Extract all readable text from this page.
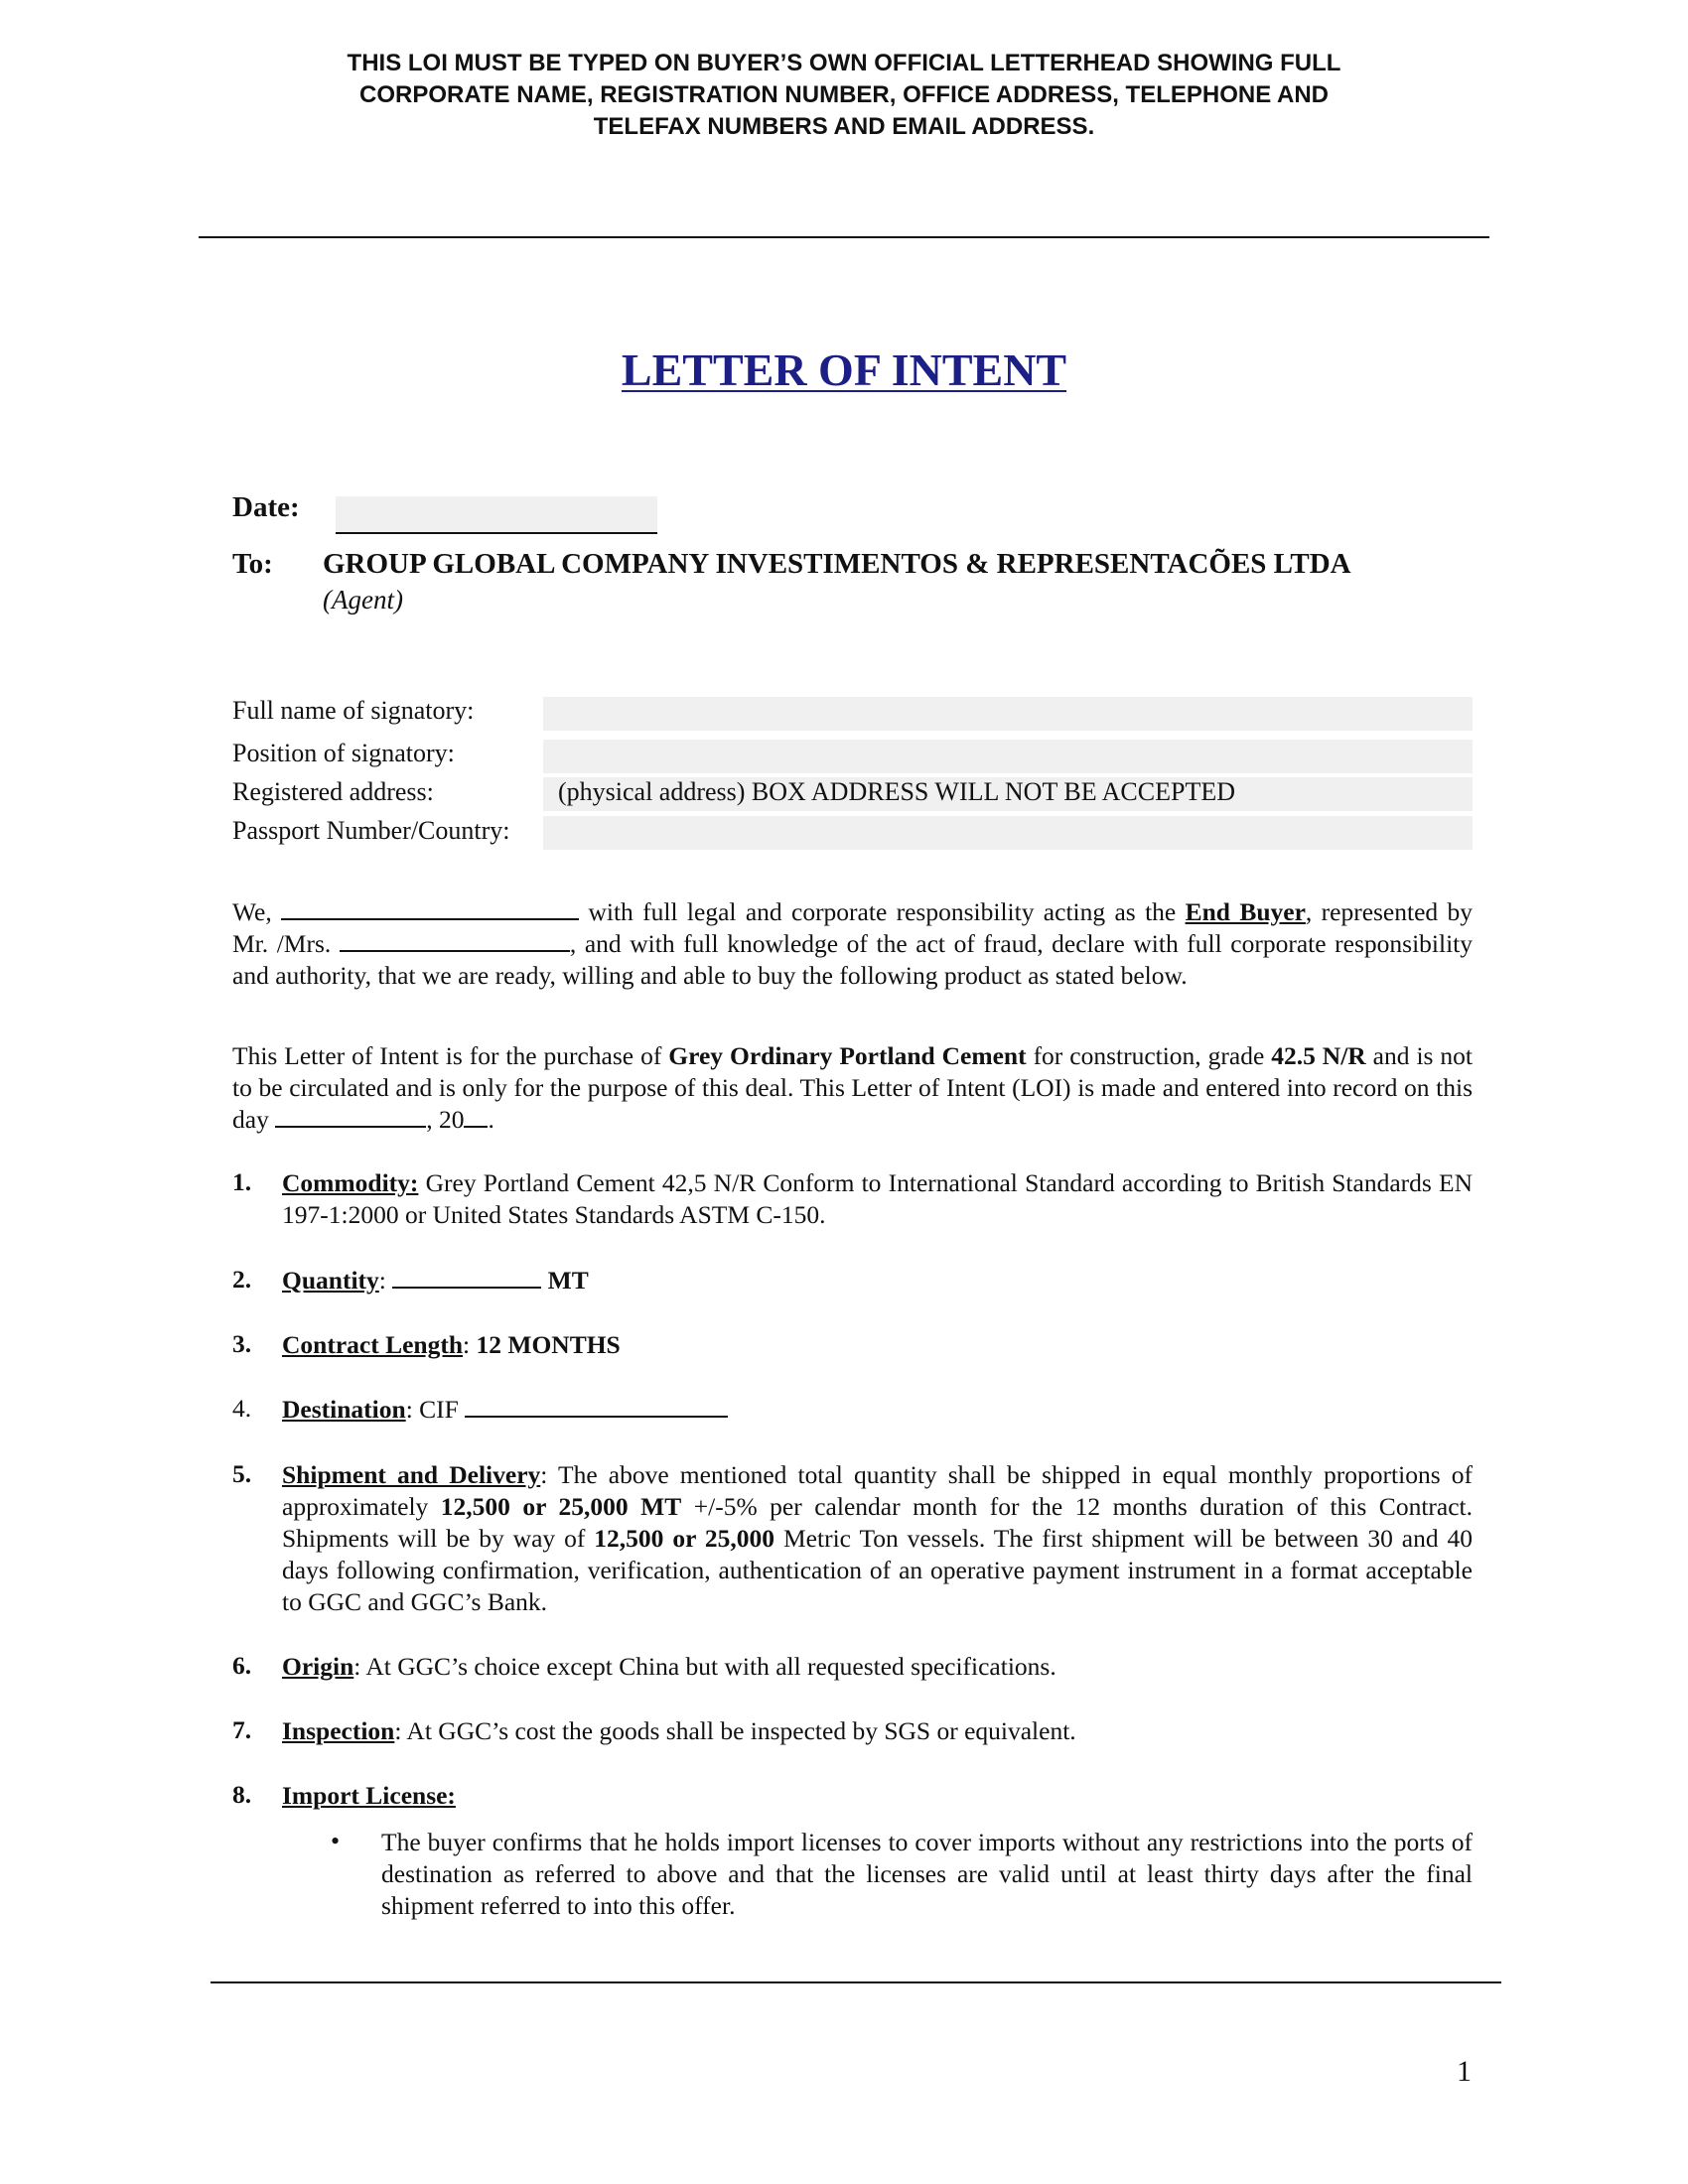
THIS LOI MUST BE TYPED ON BUYER’S OWN OFFICIAL LETTERHEAD SHOWING FULL
CORPORATE NAME, REGISTRATION NUMBER, OFFICE ADDRESS, TELEPHONE AND
TELEFAX NUMBERS AND EMAIL ADDRESS.
LETTER OF INTENT
Date:
To: GROUP GLOBAL COMPANY INVESTIMENTOS & REPRESENTACÕES LTDA
(Agent)
Full name of signatory:
Position of signatory:
Registered address:	(physical address) BOX ADDRESS WILL NOT BE ACCEPTED
Passport Number/Country:
We,	with full legal and corporate responsibility acting as the End Buyer, represented by Mr. /Mrs.	, and with full knowledge of the act of fraud, declare with full corporate responsibility and authority, that we are ready, willing and able to buy the following product as stated below.
This Letter of Intent is for the purchase of Grey Ordinary Portland Cement for construction, grade 42.5 N/R and is not to be circulated and is only for the purpose of this deal. This Letter of Intent (LOI) is made and entered into record on this day	, 20 .
1. Commodity: Grey Portland Cement 42,5 N/R Conform to International Standard according to British Standards EN 197-1:2000 or United States Standards ASTM C-150.
2. Quantity:	MT
3. Contract Length: 12 MONTHS
4. Destination: CIF
5. Shipment and Delivery: The above mentioned total quantity shall be shipped in equal monthly proportions of approximately 12,500 or 25,000 MT +/-5% per calendar month for the 12 months duration of this Contract. Shipments will be by way of 12,500 or 25,000 Metric Ton vessels. The first shipment will be between 30 and 40 days following confirmation, verification, authentication of an operative payment instrument in a format acceptable to GGC and GGC’s Bank.
6. Origin: At GGC’s choice except China but with all requested specifications.
7. Inspection: At GGC’s cost the goods shall be inspected by SGS or equivalent.
8. Import License:
• The buyer confirms that he holds import licenses to cover imports without any restrictions into the ports of destination as referred to above and that the licenses are valid until at least thirty days after the final shipment referred to into this offer.
1
